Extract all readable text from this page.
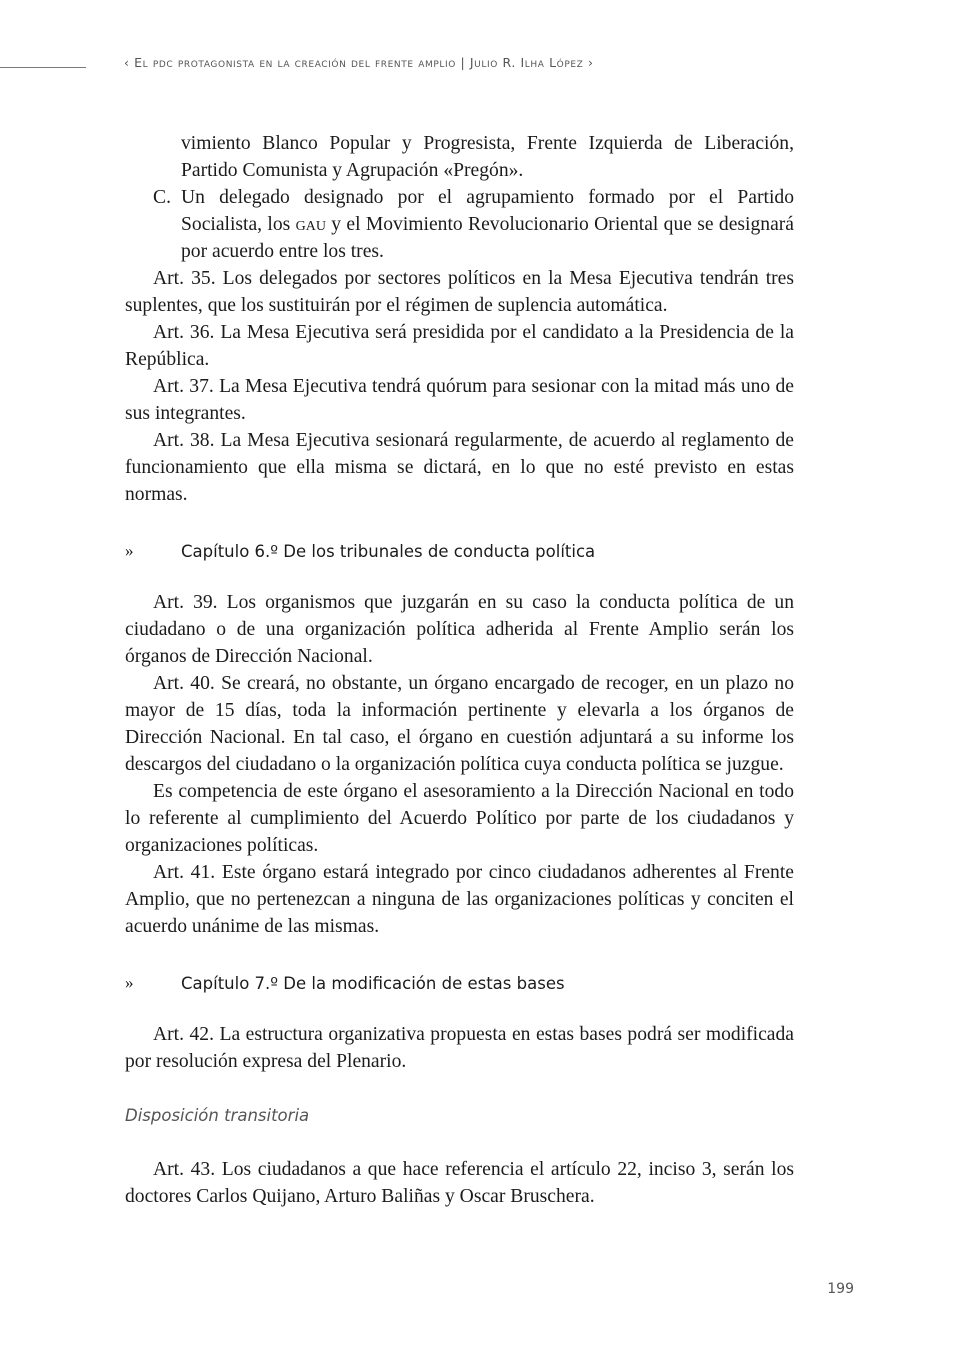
‹ El pdc protagonista en la creación del frente amplio | Julio R. Ilha López ›

vimiento Blanco Popular y Progresista, Frente Izquierda de Liberación, Partido Comunista y Agrupación «Pregón».

C. Un delegado designado por el agrupamiento formado por el Partido Socialista, los gau y el Movimiento Revolucionario Oriental que se designará por acuerdo entre los tres.

Art. 35. Los delegados por sectores políticos en la Mesa Ejecutiva tendrán tres suplentes, que los sustituirán por el régimen de suplencia automática.

Art. 36. La Mesa Ejecutiva será presidida por el candidato a la Presidencia de la República.

Art. 37. La Mesa Ejecutiva tendrá quórum para sesionar con la mitad más uno de sus integrantes.

Art. 38. La Mesa Ejecutiva sesionará regularmente, de acuerdo al reglamento de funcionamiento que ella misma se dictará, en lo que no esté previsto en estas normas.

»	Capítulo 6.º De los tribunales de conducta política

Art. 39. Los organismos que juzgarán en su caso la conducta política de un ciudadano o de una organización política adherida al Frente Amplio serán los órganos de Dirección Nacional.

Art. 40. Se creará, no obstante, un órgano encargado de recoger, en un plazo no mayor de 15 días, toda la información pertinente y elevarla a los órganos de Dirección Nacional. En tal caso, el órgano en cuestión adjuntará a su informe los descargos del ciudadano o la organización política cuya conducta política se juzgue.

Es competencia de este órgano el asesoramiento a la Dirección Nacional en todo lo referente al cumplimiento del Acuerdo Político por parte de los ciudadanos y organizaciones políticas.

Art. 41. Este órgano estará integrado por cinco ciudadanos adherentes al Frente Amplio, que no pertenezcan a ninguna de las organizaciones políticas y conciten el acuerdo unánime de las mismas.

»	Capítulo 7.º De la modificación de estas bases

Art. 42. La estructura organizativa propuesta en estas bases podrá ser modificada por resolución expresa del Plenario.

Disposición transitoria

Art. 43. Los ciudadanos a que hace referencia el artículo 22, inciso 3, serán los doctores Carlos Quijano, Arturo Baliñas y Oscar Bruschera.

199
